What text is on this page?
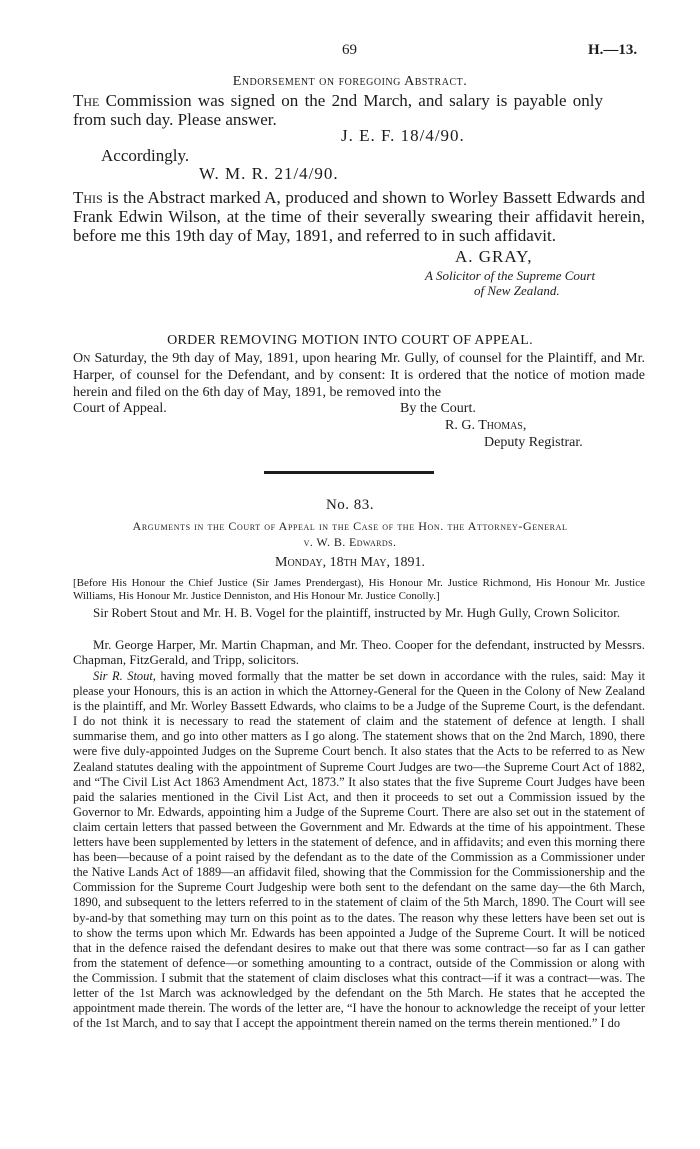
69	H.—13.
Endorsement on foregoing Abstract.
The Commission was signed on the 2nd March, and salary is payable only from such day. Please answer.
J. E. F. 18/4/90.
Accordingly.
W. M. R. 21/4/90.
This is the Abstract marked A, produced and shown to Worley Bassett Edwards and Frank Edwin Wilson, at the time of their severally swearing their affidavit herein, before me this 19th day of May, 1891, and referred to in such affidavit.
A. GRAY,
A Solicitor of the Supreme Court
of New Zealand.
ORDER REMOVING MOTION INTO COURT OF APPEAL.
On Saturday, the 9th day of May, 1891, upon hearing Mr. Gully, of counsel for the Plaintiff, and Mr. Harper, of counsel for the Defendant, and by consent: It is ordered that the notice of motion made herein and filed on the 6th day of May, 1891, be removed into the
Court of Appeal.	By the Court.
R. G. Thomas,
Deputy Registrar.
No. 83.
Arguments in the Court of Appeal in the Case of the Hon. the Attorney-General
v. W. B. Edwards.
Monday, 18th May, 1891.
[Before His Honour the Chief Justice (Sir James Prendergast), His Honour Mr. Justice Richmond, His Honour Mr. Justice Williams, His Honour Mr. Justice Denniston, and His Honour Mr. Justice Conolly.]
Sir Robert Stout and Mr. H. B. Vogel for the plaintiff, instructed by Mr. Hugh Gully, Crown Solicitor.
Mr. George Harper, Mr. Martin Chapman, and Mr. Theo. Cooper for the defendant, instructed by Messrs. Chapman, FitzGerald, and Tripp, solicitors.
Sir R. Stout, having moved formally that the matter be set down in accordance with the rules, said: May it please your Honours, this is an action in which the Attorney-General for the Queen in the Colony of New Zealand is the plaintiff, and Mr. Worley Bassett Edwards, who claims to be a Judge of the Supreme Court, is the defendant. I do not think it is necessary to read the statement of claim and the statement of defence at length. I shall summarise them, and go into other matters as I go along. The statement shows that on the 2nd March, 1890, there were five duly-appointed Judges on the Supreme Court bench. It also states that the Acts to be referred to as New Zealand statutes dealing with the appointment of Supreme Court Judges are two—the Supreme Court Act of 1882, and “The Civil List Act 1863 Amendment Act, 1873.” It also states that the five Supreme Court Judges have been paid the salaries mentioned in the Civil List Act, and then it proceeds to set out a Commission issued by the Governor to Mr. Edwards, appointing him a Judge of the Supreme Court. There are also set out in the statement of claim certain letters that passed between the Government and Mr. Edwards at the time of his appointment. These letters have been supplemented by letters in the statement of defence, and in affidavits; and even this morning there has been—because of a point raised by the defendant as to the date of the Commission as a Commissioner under the Native Lands Act of 1889—an affidavit filed, showing that the Commission for the Commissionership and the Commission for the Supreme Court Judgeship were both sent to the defendant on the same day—the 6th March, 1890, and subsequent to the letters referred to in the statement of claim of the 5th March, 1890. The Court will see by-and-by that something may turn on this point as to the dates. The reason why these letters have been set out is to show the terms upon which Mr. Edwards has been appointed a Judge of the Supreme Court. It will be noticed that in the defence raised the defendant desires to make out that there was some contract—so far as I can gather from the statement of defence—or something amounting to a contract, outside of the Commission or along with the Commission. I submit that the statement of claim discloses what this contract—if it was a contract—was. The letter of the 1st March was acknowledged by the defendant on the 5th March. He states that he accepted the appointment made therein. The words of the letter are, “I have the honour to acknowledge the receipt of your letter of the 1st March, and to say that I accept the appointment therein named on the terms therein mentioned.” I do
